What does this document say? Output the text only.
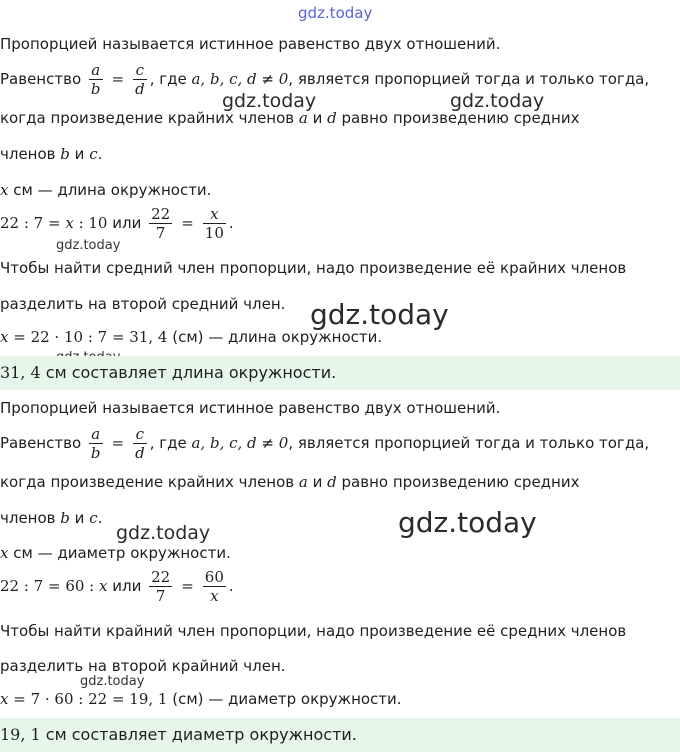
gdz.today
gdz.today	gdz.today
gdz.today
gdz.today
gdz.today	gdz.today
gdz.today
Пропорцией называется истинное равенство двух отношений.
Равенство $\frac{a}{b} = \frac{c}{d}$ , где a, b, c, d ≠ 0, является пропорцией тогда и только тогда,
когда произведение крайних членов a и d равно произведению средних
членов b и c.
x см — длина окружности.
22 : 7 = x : 10 или $\frac{22}{7} = \frac{x}{10}$ .
Чтобы найти средний член пропорции, надо произведение её крайних членов
разделить на второй средний член.
x = 22 · 10 : 7 = 31, 4 (см) — длина окружности.
31, 4 см составляет длина окружности.
Пропорцией называется истинное равенство двух отношений.
Равенство $\frac{a}{b} = \frac{c}{d}$ , где a, b, c, d ≠ 0, является пропорцией тогда и только тогда,
когда произведение крайних членов a и d равно произведению средних
членов b и c.
x см — диаметр окружности.
22 : 7 = 60 : x или $\frac{22}{7} = \frac{60}{x}$ .
Чтобы найти крайний член пропорции, надо произведение её средних членов
разделить на второй крайний член.
x = 7 · 60 : 22 = 19, 1 (см) — диаметр окружности.
19, 1 см составляет диаметр окружности.
